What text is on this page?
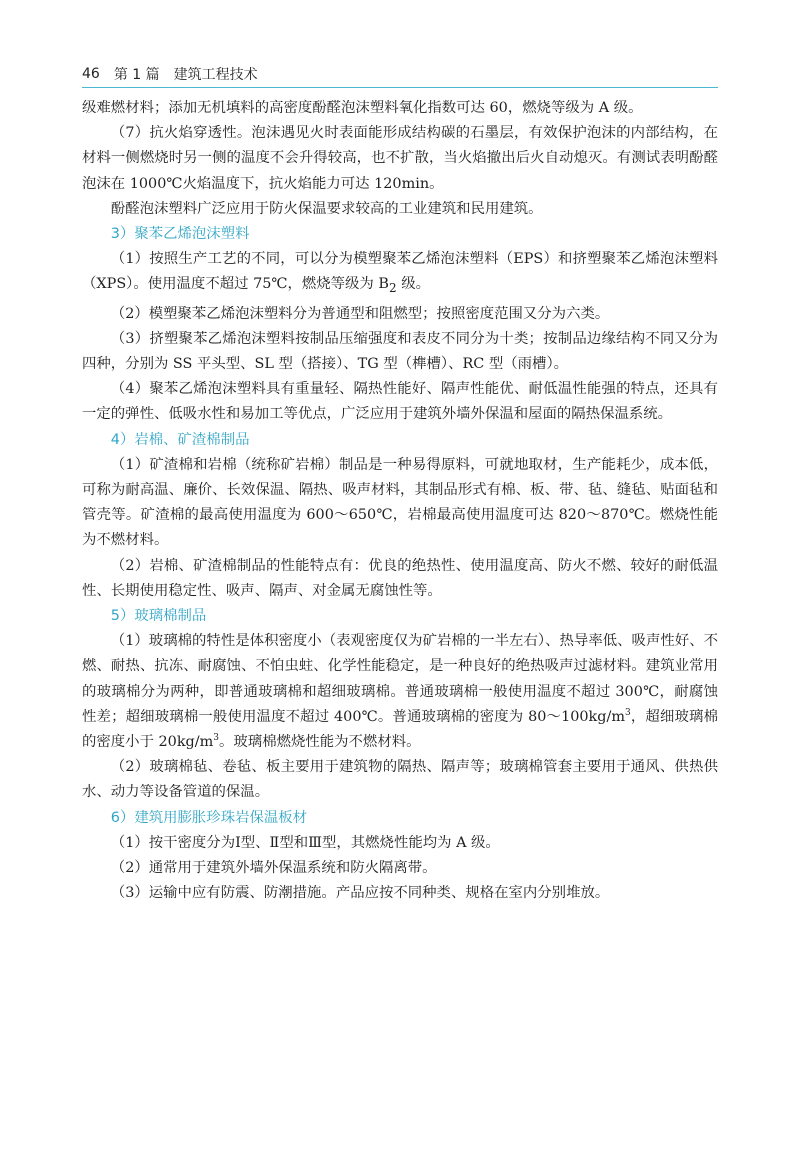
46 第 1 篇　建筑工程技术

级难燃材料；添加无机填料的高密度酚醛泡沫塑料氧化指数可达 60，燃烧等级为 A 级。

（7）抗火焰穿透性。泡沫遇见火时表面能形成结构碳的石墨层，有效保护泡沫的内部结构，在材料一侧燃烧时另一侧的温度不会升得较高，也不扩散，当火焰撤出后火自动熄灭。有测试表明酚醛泡沫在 1000℃火焰温度下，抗火焰能力可达 120min。

酚醛泡沫塑料广泛应用于防火保温要求较高的工业建筑和民用建筑。

3）聚苯乙烯泡沫塑料

（1）按照生产工艺的不同，可以分为模塑聚苯乙烯泡沫塑料（EPS）和挤塑聚苯乙烯泡沫塑料（XPS）。使用温度不超过 75℃，燃烧等级为 $B_2$ 级。

（2）模塑聚苯乙烯泡沫塑料分为普通型和阻燃型；按照密度范围又分为六类。

（3）挤塑聚苯乙烯泡沫塑料按制品压缩强度和表皮不同分为十类；按制品边缘结构不同又分为四种，分别为 SS 平头型、SL 型（搭接）、TG 型（榫槽）、RC 型（雨槽）。

（4）聚苯乙烯泡沫塑料具有重量轻、隔热性能好、隔声性能优、耐低温性能强的特点，还具有一定的弹性、低吸水性和易加工等优点，广泛应用于建筑外墙外保温和屋面的隔热保温系统。

4）岩棉、矿渣棉制品

（1）矿渣棉和岩棉（统称矿岩棉）制品是一种易得原料，可就地取材，生产能耗少，成本低，可称为耐高温、廉价、长效保温、隔热、吸声材料，其制品形式有棉、板、带、毡、缝毡、贴面毡和管壳等。矿渣棉的最高使用温度为 600～650℃，岩棉最高使用温度可达 820～870℃。燃烧性能为不燃材料。

（2）岩棉、矿渣棉制品的性能特点有：优良的绝热性、使用温度高、防火不燃、较好的耐低温性、长期使用稳定性、吸声、隔声、对金属无腐蚀性等。

5）玻璃棉制品

（1）玻璃棉的特性是体积密度小（表观密度仅为矿岩棉的一半左右）、热导率低、吸声性好、不燃、耐热、抗冻、耐腐蚀、不怕虫蛀、化学性能稳定，是一种良好的绝热吸声过滤材料。建筑业常用的玻璃棉分为两种，即普通玻璃棉和超细玻璃棉。普通玻璃棉一般使用温度不超过 300℃，耐腐蚀性差；超细玻璃棉一般使用温度不超过 400℃。普通玻璃棉的密度为 $80\sim 100kg/m^3$，超细玻璃棉的密度小于 $20kg/m^3$。玻璃棉燃烧性能为不燃材料。

（2）玻璃棉毡、卷毡、板主要用于建筑物的隔热、隔声等；玻璃棉管套主要用于通风、供热供水、动力等设备管道的保温。

6）建筑用膨胀珍珠岩保温板材

（1）按干密度分为Ⅰ型、Ⅱ型和Ⅲ型，其燃烧性能均为 A 级。

（2）通常用于建筑外墙外保温系统和防火隔离带。

（3）运输中应有防震、防潮措施。产品应按不同种类、规格在室内分别堆放。
